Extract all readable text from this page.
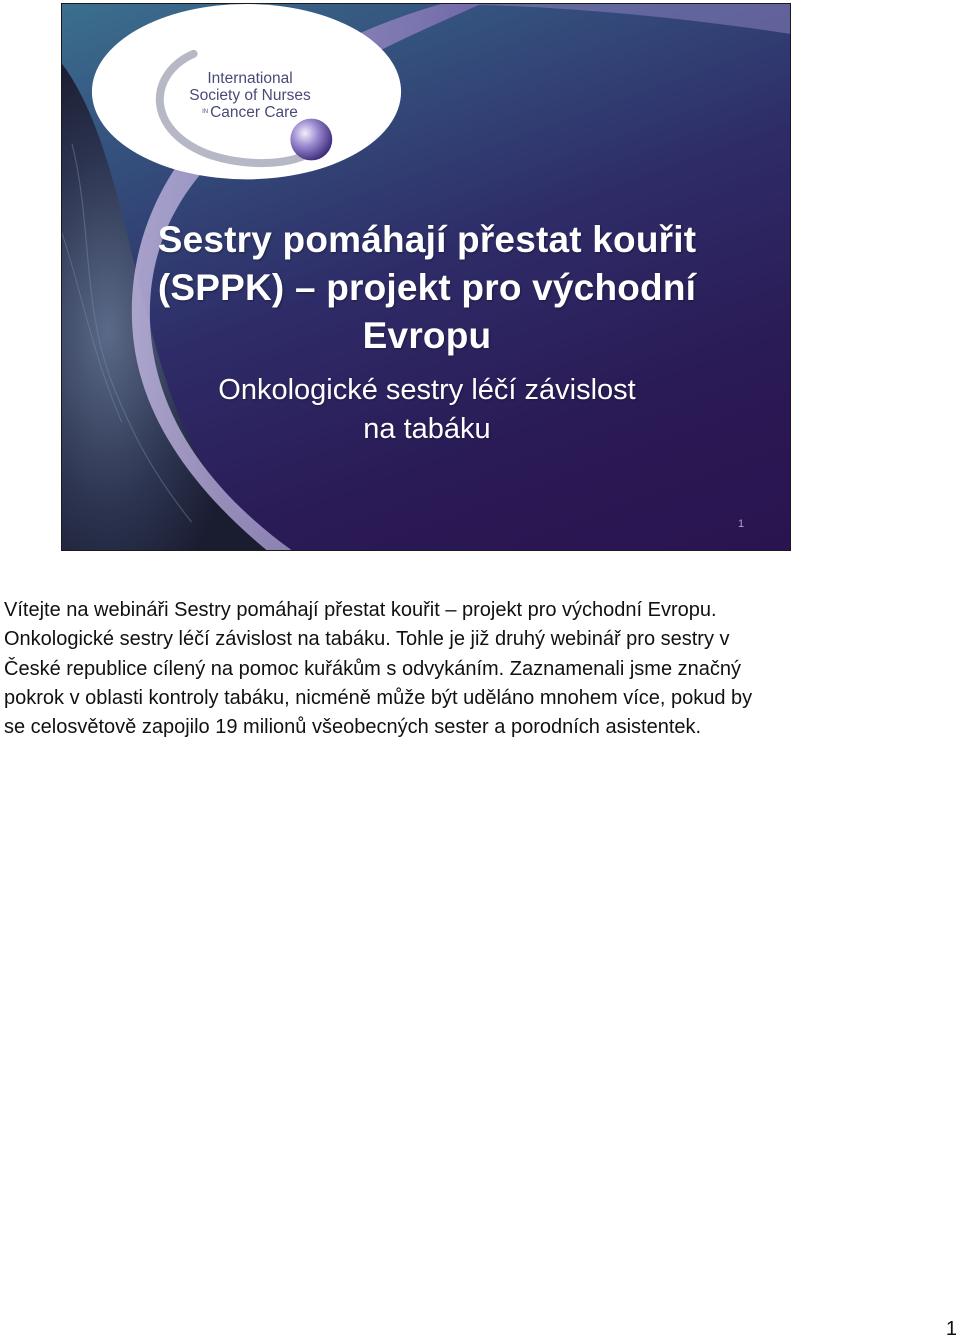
International
Society of Nurses
IN Cancer Care
Sestry pomáhají přestat kouřit
(SPPK) – projekt pro východní
Evropu
Onkologické sestry léčí závislost
na tabáku
1
Vítejte na webináři Sestry pomáhají přestat kouřit – projekt pro východní Evropu.
Onkologické sestry léčí závislost na tabáku. Tohle je již druhý webinář pro sestry v
České republice cílený na pomoc kuřákům s odvykáním. Zaznamenali jsme značný
pokrok v oblasti kontroly tabáku, nicméně může být uděláno mnohem více, pokud by
se celosvětově zapojilo 19 milionů všeobecných sester a porodních asistentek.
1
